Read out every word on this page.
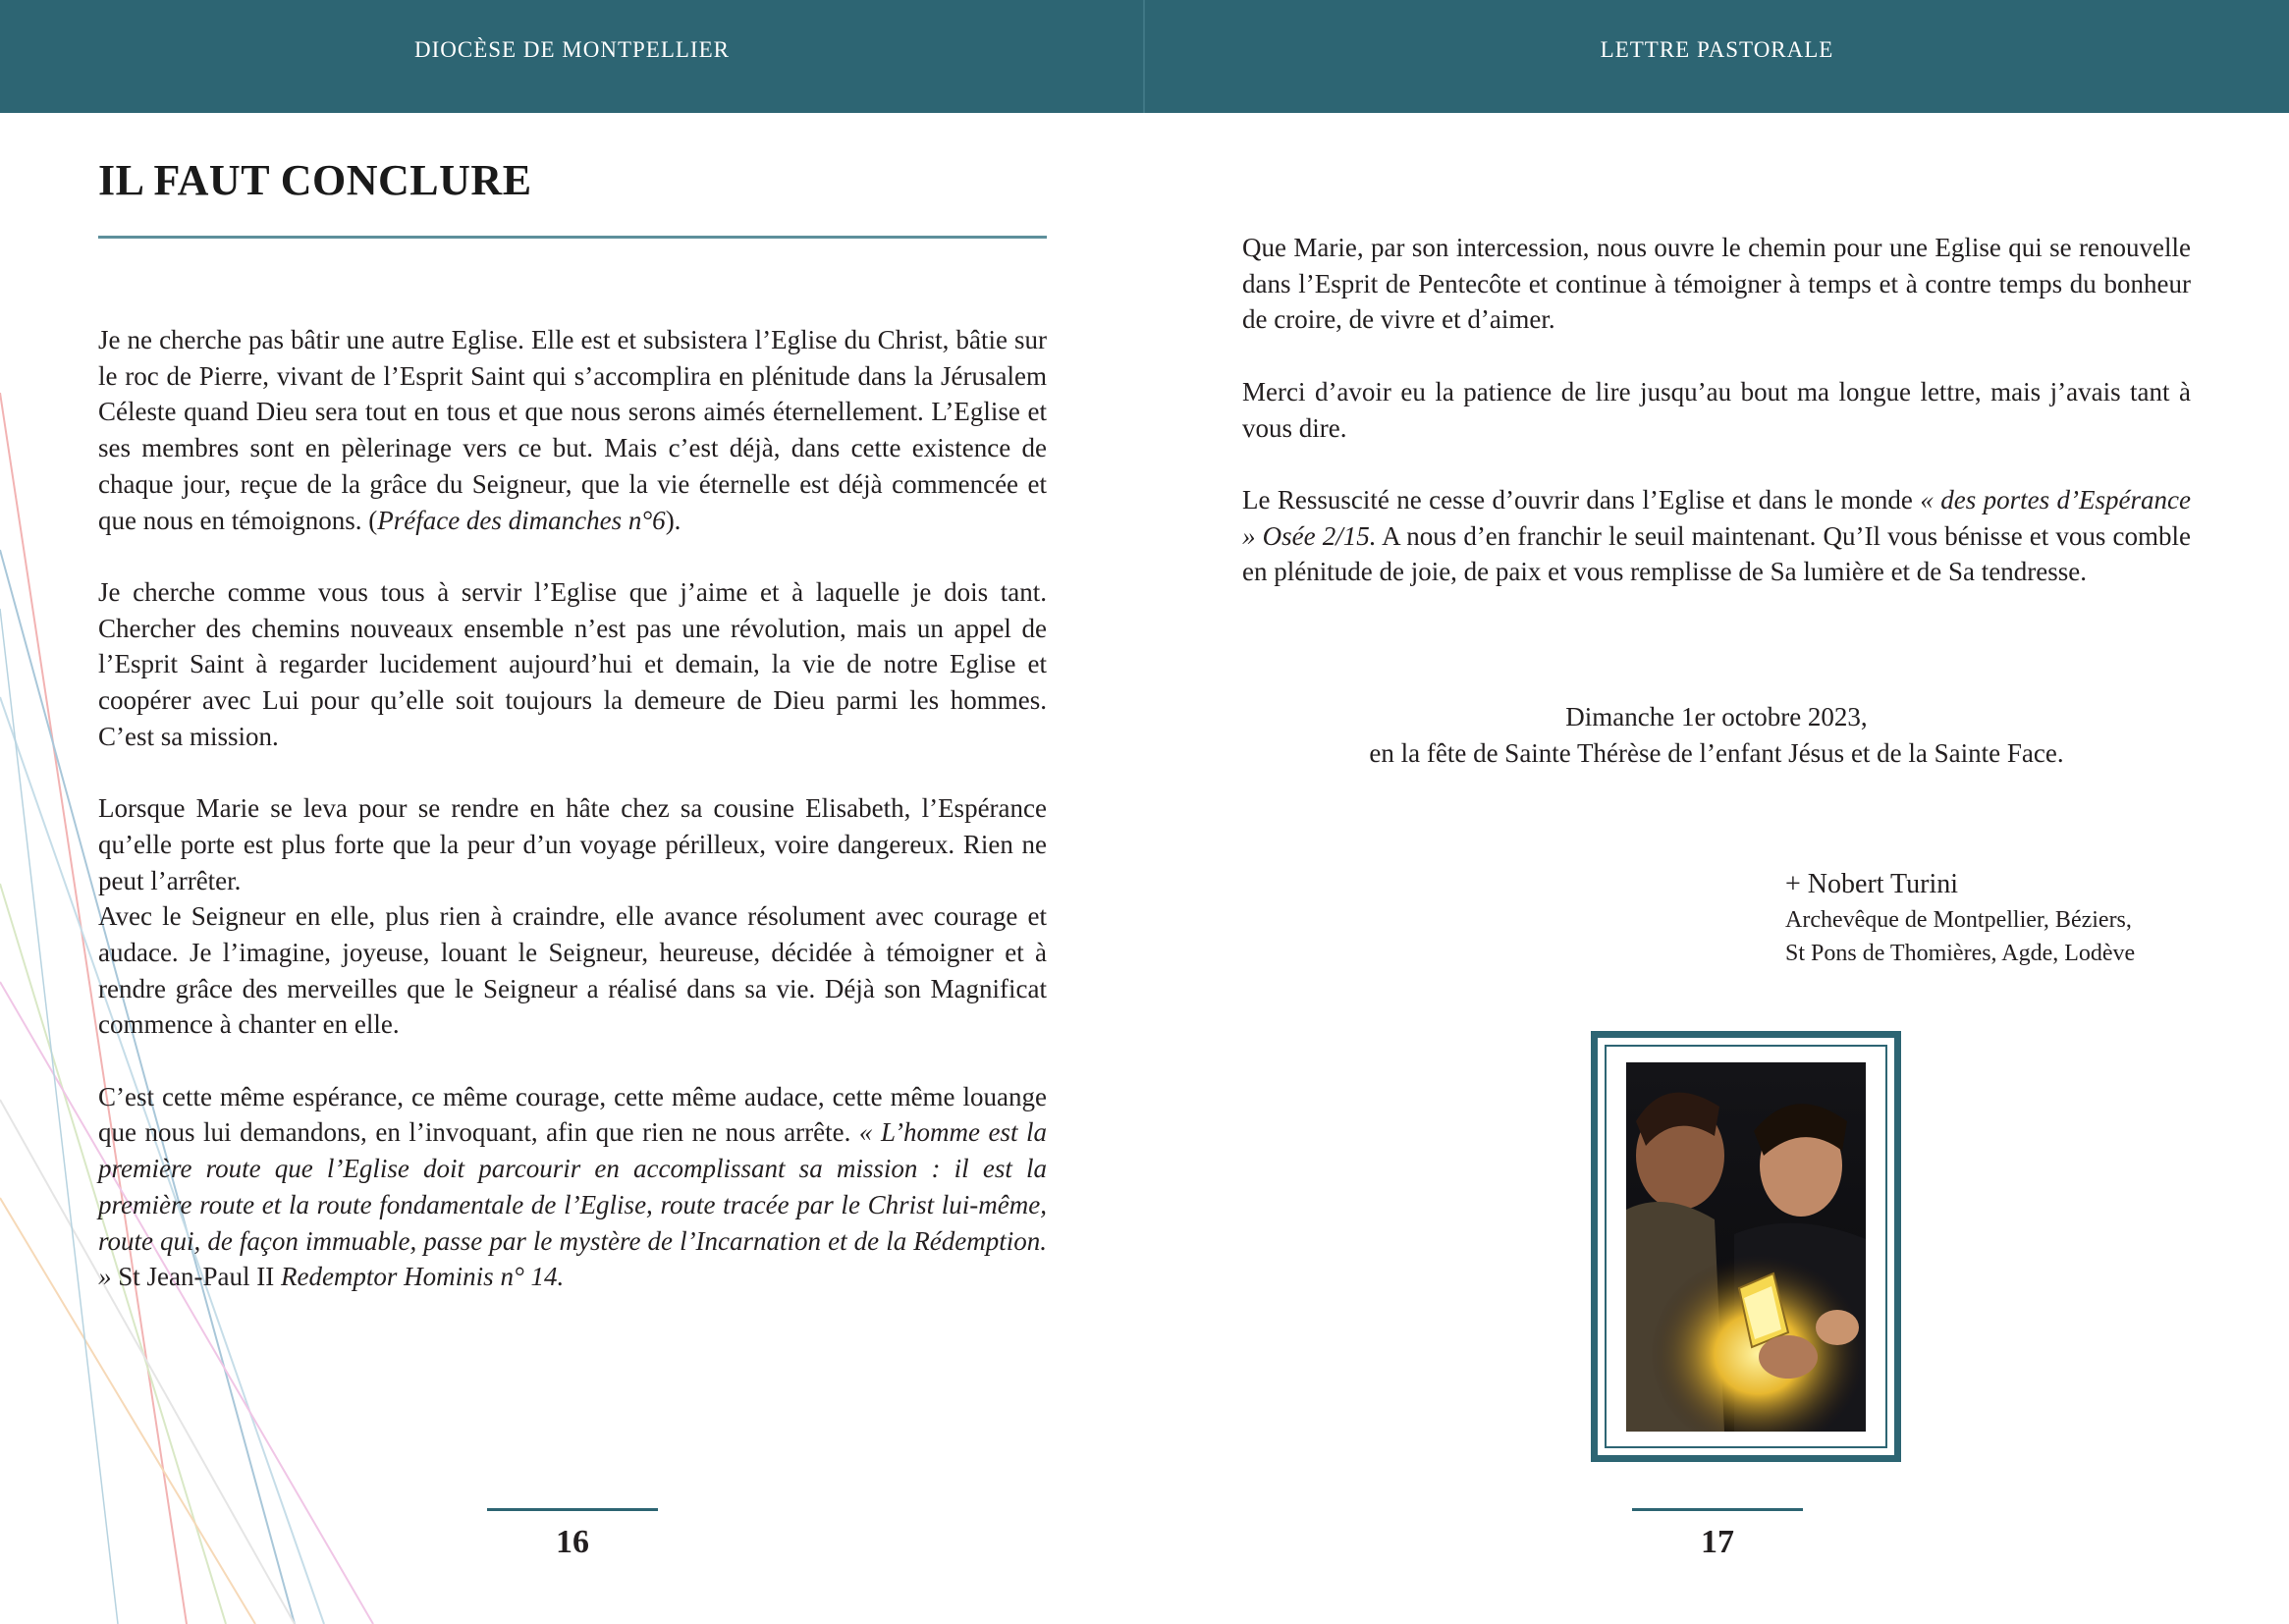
DIOCÈSE DE MONTPELLIER	LETTRE PASTORALE
IL FAUT CONCLURE

Je ne cherche pas bâtir une autre Eglise. Elle est et subsistera l’Eglise du Christ, bâtie sur le roc de Pierre, vivant de l’Esprit Saint qui s’accomplira en plénitude dans la Jérusalem Céleste quand Dieu sera tout en tous et que nous serons aimés éternellement. L’Eglise et ses membres sont en pèlerinage vers ce but. Mais c’est déjà, dans cette existence de chaque jour, reçue de la grâce du Seigneur, que la vie éternelle est déjà commencée et que nous en témoignons. (Préface des dimanches n°6).

Je cherche comme vous tous à servir l’Eglise que j’aime et à laquelle je dois tant. Chercher des chemins nouveaux ensemble n’est pas une révolution, mais un appel de l’Esprit Saint à regarder lucidement aujourd’hui et demain, la vie de notre Eglise et coopérer avec Lui pour qu’elle soit toujours la demeure de Dieu parmi les hommes. C’est sa mission.

Lorsque Marie se leva pour se rendre en hâte chez sa cousine Elisabeth, l’Espérance qu’elle porte est plus forte que la peur d’un voyage périlleux, voire dangereux. Rien ne peut l’arrêter.

Avec le Seigneur en elle, plus rien à craindre, elle avance résolument avec courage et audace. Je l’imagine, joyeuse, louant le Seigneur, heureuse, décidée à témoigner et à rendre grâce des merveilles que le Seigneur a réalisé dans sa vie. Déjà son Magnificat commence à chanter en elle.

C’est cette même espérance, ce même courage, cette même audace, cette même louange que nous lui demandons, en l’invoquant, afin que rien ne nous arrête. « L’homme est la première route que l’Eglise doit parcourir en accomplissant sa mission : il est la première route et la route fondamentale de l’Eglise, route tracée par le Christ lui-même, route qui, de façon immuable, passe par le mystère de l’Incarnation et de la Rédemption. » St Jean-Paul II Redemptor Hominis n° 14.

16

Que Marie, par son intercession, nous ouvre le chemin pour une Eglise qui se renouvelle dans l’Esprit de Pentecôte et continue à témoigner à temps et à contre temps du bonheur de croire, de vivre et d’aimer.

Merci d’avoir eu la patience de lire jusqu’au bout ma longue lettre, mais j’avais tant à vous dire.

Le Ressuscité ne cesse d’ouvrir dans l’Eglise et dans le monde « des portes d’Espérance » Osée 2/15. A nous d’en franchir le seuil maintenant. Qu’Il vous bénisse et vous comble en plénitude de joie, de paix et vous remplisse de Sa lumière et de Sa tendresse.

Dimanche 1er octobre 2023,
en la fête de Sainte Thérèse de l’enfant Jésus et de la Sainte Face.
+ Nobert Turini
Archevêque de Montpellier, Béziers,
St Pons de Thomières, Agde, Lodève
17
